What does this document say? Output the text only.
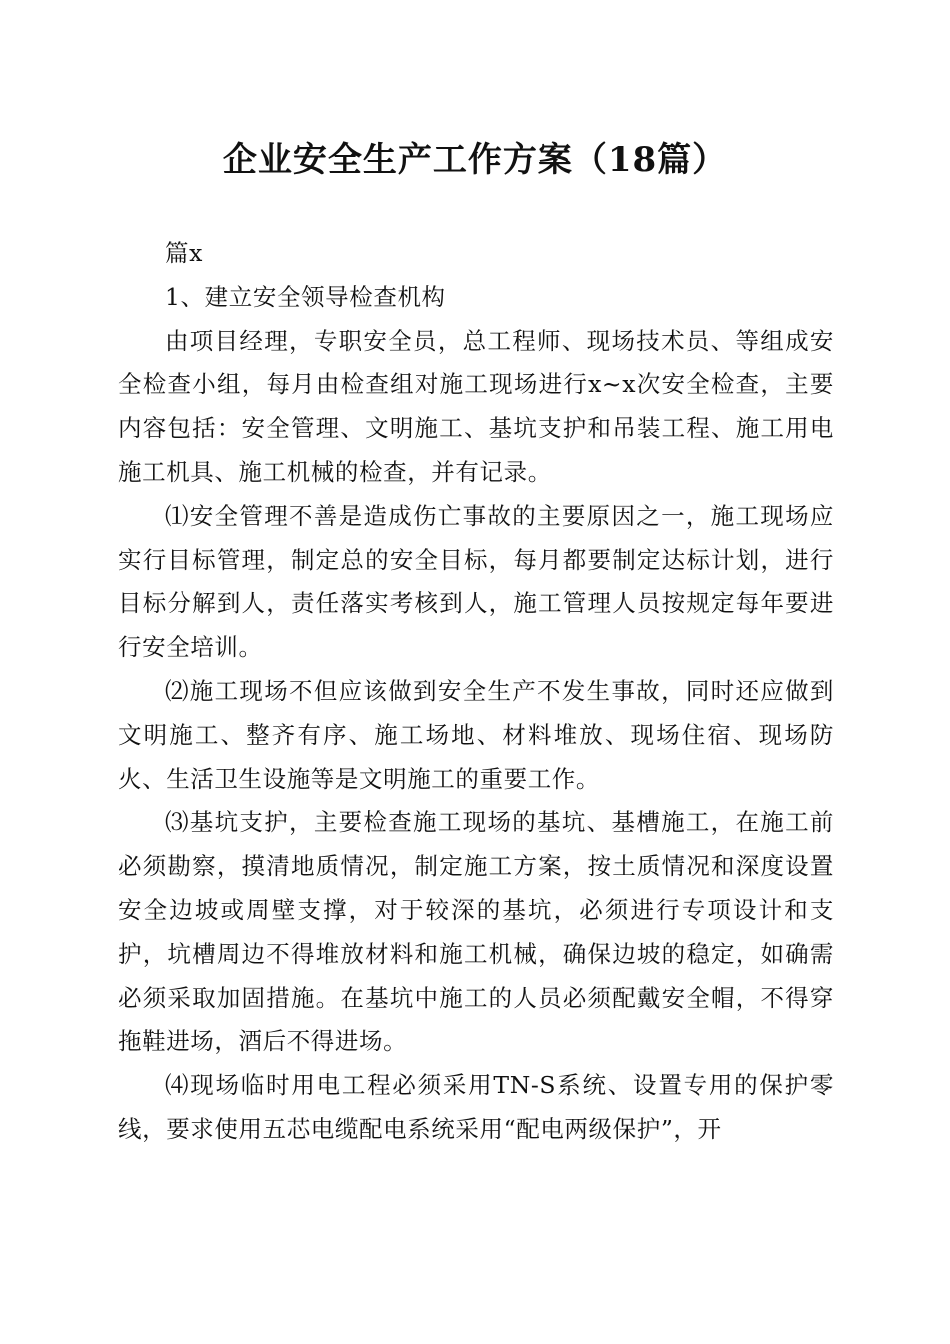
企业安全生产工作方案（18篇）

篇x

1、建立安全领导检查机构

由项目经理，专职安全员，总工程师、现场技术员、等组成安全检查小组，每月由检查组对施工现场进行x~x次安全检查，主要内容包括：安全管理、文明施工、基坑支护和吊装工程、施工用电施工机具、施工机械的检查，并有记录。

⑴安全管理不善是造成伤亡事故的主要原因之一，施工现场应实行目标管理，制定总的安全目标，每月都要制定达标计划，进行目标分解到人，责任落实考核到人，施工管理人员按规定每年要进行安全培训。

⑵施工现场不但应该做到安全生产不发生事故，同时还应做到文明施工、整齐有序、施工场地、材料堆放、现场住宿、现场防火、生活卫生设施等是文明施工的重要工作。

⑶基坑支护，主要检查施工现场的基坑、基槽施工，在施工前必须勘察，摸清地质情况，制定施工方案，按土质情况和深度设置安全边坡或周壁支撑，对于较深的基坑，必须进行专项设计和支护，坑槽周边不得堆放材料和施工机械，确保边坡的稳定，如确需必须采取加固措施。在基坑中施工的人员必须配戴安全帽，不得穿拖鞋进场，酒后不得进场。

⑷现场临时用电工程必须采用TN-S系统、设置专用的保护零线，要求使用五芯电缆配电系统采用“配电两级保护”，开
